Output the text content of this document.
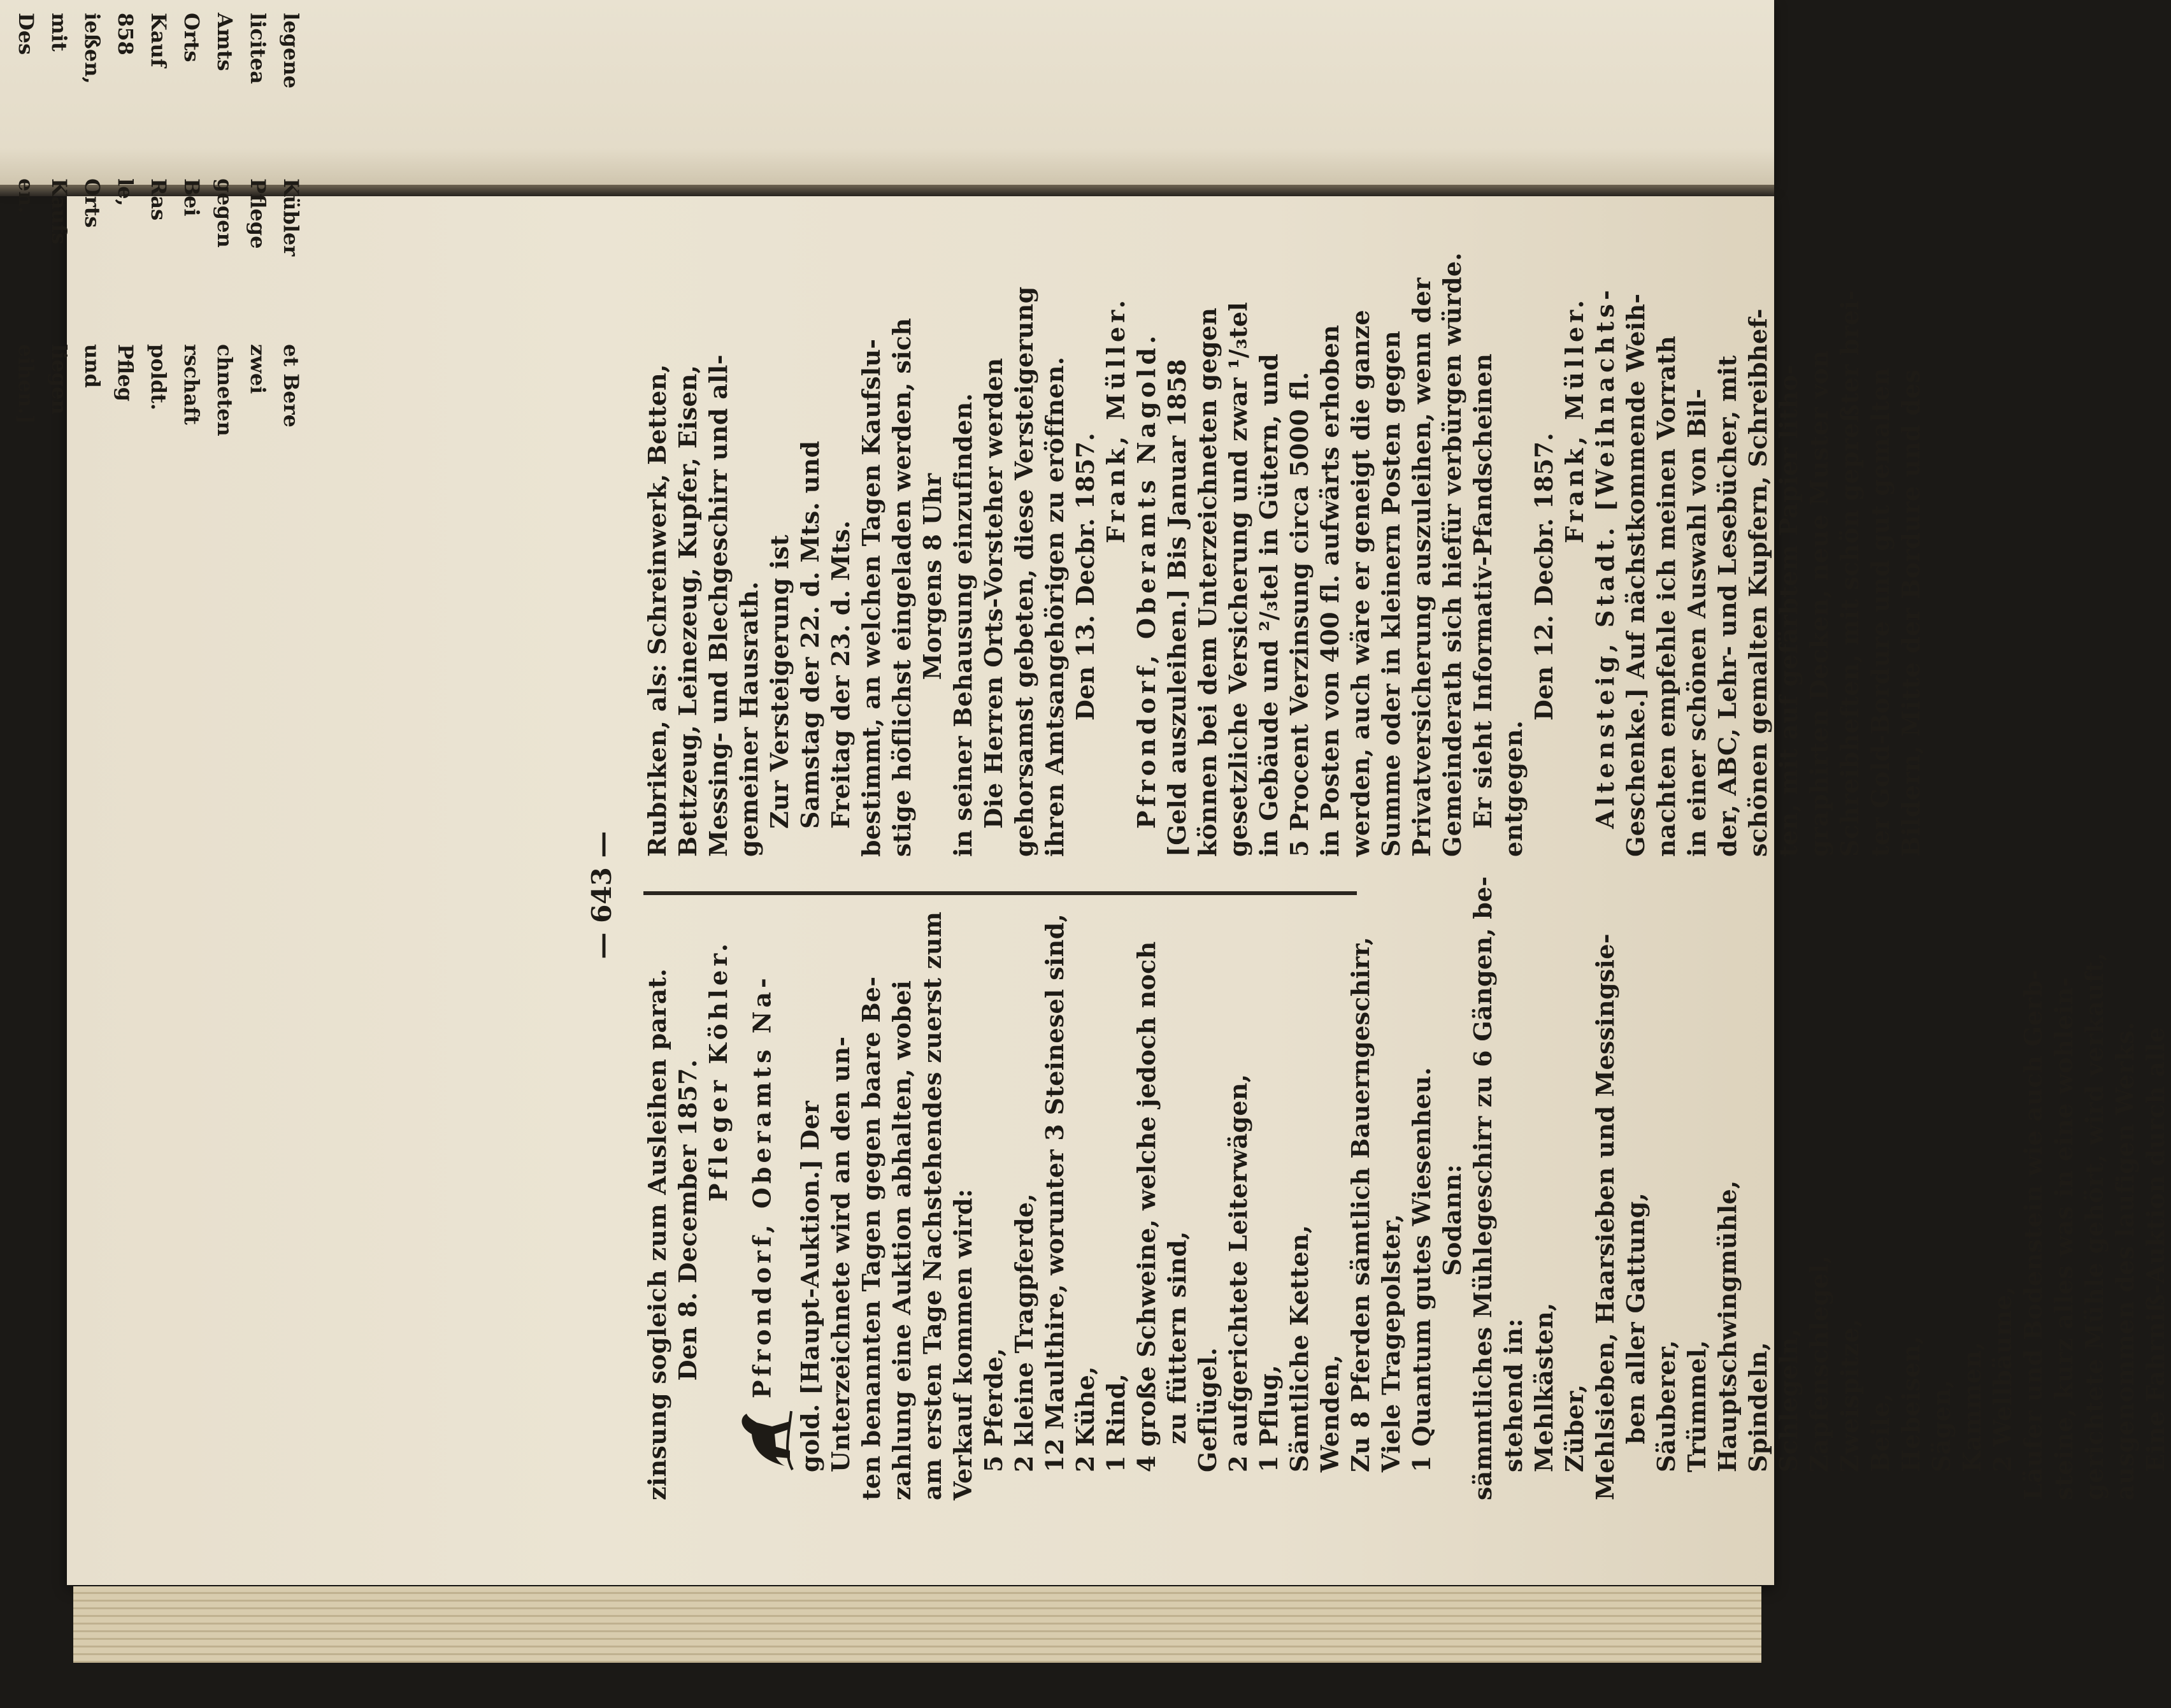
— 643 —
zinsung sogleich zum Ausleihen parat. Den 8. December 1857. Pfleger Köhler. Pfrondorf, Oberamts Na- gold. [Haupt-Auktion.] Der Unterzeichnete wird an den un- ten benannten Tagen gegen baare Be- zahlung eine Auktion abhalten, wobei am ersten Tage Nachstehendes zuerst zum Verkauf kommen wird: 5 Pferde, 2 kleine Tragpferde, 12 Maulthire, worunter 3 Steinesel sind, 2 Kühe, 1 Rind, 4 große Schweine, welche jedoch noch zu füttern sind, Geflügel. 2 aufgerichtete Leiterwägen, 1 Pflug, Sämtliche Ketten, Wenden, Zu 8 Pferden sämtlich Bauerngeschirr, Viele Tragepolster, 1 Quantum gutes Wiesenheu. Sodann: sämmtliches Mühlegeschirr zu 6 Gängen, be- stehend in: Mehlkästen, Züber, Mehlsieben, Haarsieben und Messingsie- ben aller Gattung, Säuberer, Trümmel, Hauptschwingmühle, Spindeln, Schlegeln, Zapfenschlegel, Zweispitze, Beile, Hebeisen, Sägen, Kammen, 2 Wellbäume, Läufer und Bodenstein wie auch Gerb- steine, kurz alles was in eine wohlein- gerichtete Mühle gehört, wird verkauft, ausgenommen des laufigen Werks. Eine Fahrniß-Auktion durch alle
Rubriken, als: Schreinwerk, Betten, Bettzeug, Leinezeug, Kupfer, Eisen, Messing- und Blechgeschirr und all- gemeiner Hausrath. Zur Versteigerung ist Samstag der 22. d. Mts. und Freitag der 23. d. Mts. bestimmt, an welchen Tagen Kaufslu- stige höflichst eingeladen werden, sich Morgens 8 Uhr in seiner Behausung einzufinden. Die Herren Orts-Vorsteher werden gehorsamst gebeten, diese Versteigerung ihren Amtsangehörigen zu eröffnen. Den 13. Decbr. 1857.
Frank, Müller. Pfrondorf, Oberamts Nagold. [Geld auszuleihen.] Bis Januar 1858 können bei dem Unterzeichneten gegen gesetzliche Versicherung und zwar ¹/₃tel in Gebäude und ²/₃tel in Gütern, und 5 Procent Verzinsung circa 5000 fl. in Posten von 400 fl. aufwärts erhoben werden, auch wäre er geneigt die ganze Summe oder in kleinern Posten gegen Privatversicherung auszuleihen, wenn der Gemeinderath sich hiefür verbürgen würde. Er sieht Informativ-Pfandscheinen entgegen.
Den 12. Decbr. 1857.
Frank, Müller. Altensteig, Stadt. [Weihnachts- Geschenke.] Auf nächstkommende Weih- nachten empfehle ich meinen Vorrath in einer schönen Auswahl von Bil- der, ABC, Lehr- und Lesebücher, mit schönen gemalten Kupfern, Schreibhef- ten, mit auf gefärbtem Papier litho- graphirten Decken, neue Muster von Schreibheften, mit schön gepreßter brei- ter Gold-Bordure und gut gemalten Bildern, Mitte der Bordure und des
Des mit ießen, 858 Kauf Orts Amts licitea legene
en. Kaufs Orts le, Ras Bei gegen Pflege Kübler
eihen.] liegen und Pfleg poldt. rschaft chneten zwei et Bere
